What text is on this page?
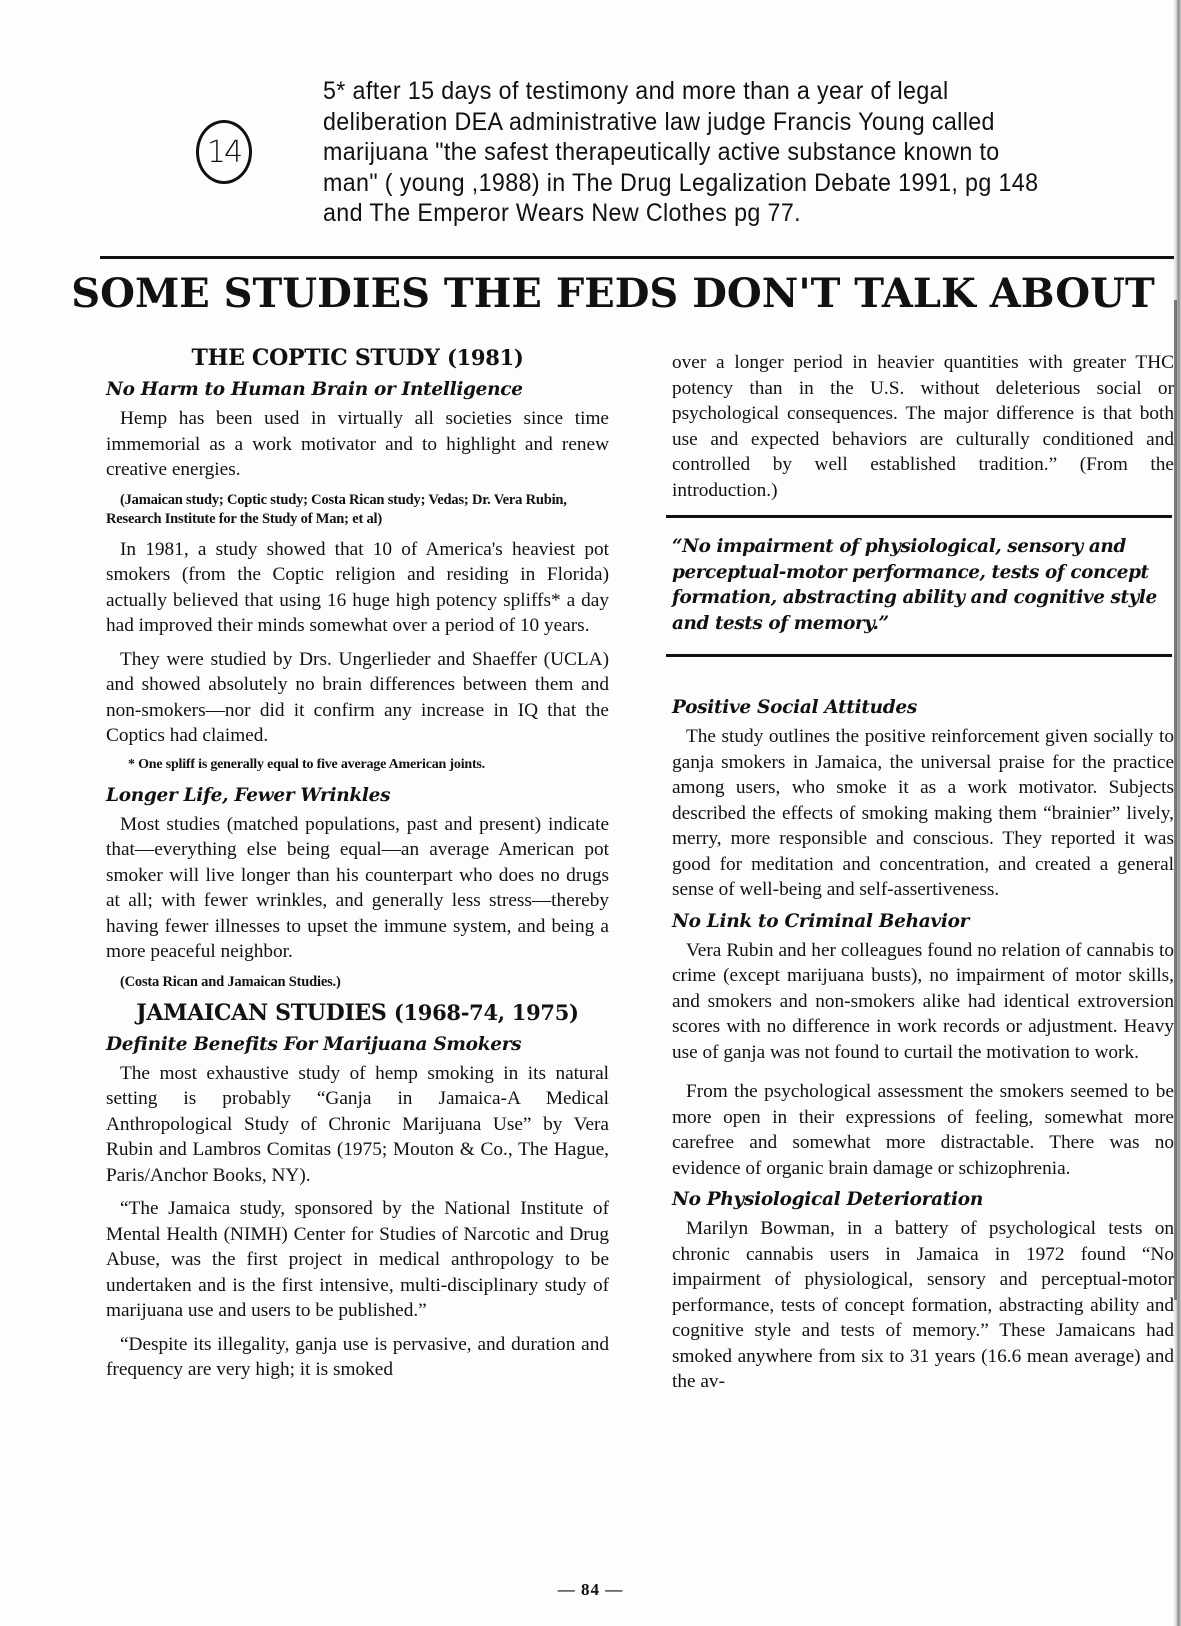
14
5* after 15 days of testimony and more than a year of legal
deliberation DEA administrative law judge Francis Young called
marijuana "the safest therapeutically active substance known to
man" ( young ,1988) in The Drug Legalization Debate 1991, pg 148
and The Emperor Wears New Clothes pg 77.
SOME STUDIES THE FEDS DON'T TALK ABOUT
THE COPTIC STUDY (1981)
No Harm to Human Brain or Intelligence

Hemp has been used in virtually all societies since time immemorial as a work motivator and to highlight and renew creative energies.

(Jamaican study; Coptic study; Costa Rican study; Vedas; Dr. Vera Rubin, Research Institute for the Study of Man; et al)

In 1981, a study showed that 10 of America's heaviest pot smokers (from the Coptic religion and residing in Florida) actually believed that using 16 huge high potency spliffs* a day had improved their minds somewhat over a period of 10 years.

They were studied by Drs. Ungerlieder and Shaeffer (UCLA) and showed absolutely no brain differences between them and non-smokers—nor did it confirm any increase in IQ that the Coptics had claimed.

* One spliff is generally equal to five average American joints.

Longer Life, Fewer Wrinkles

Most studies (matched populations, past and present) indicate that—everything else being equal—an average American pot smoker will live longer than his counterpart who does no drugs at all; with fewer wrinkles, and generally less stress—thereby having fewer illnesses to upset the immune system, and being a more peaceful neighbor.

(Costa Rican and Jamaican Studies.)

JAMAICAN STUDIES (1968-74, 1975)
Definite Benefits For Marijuana Smokers

The most exhaustive study of hemp smoking in its natural setting is probably “Ganja in Jamaica-A Medical Anthropological Study of Chronic Marijuana Use” by Vera Rubin and Lambros Comitas (1975; Mouton & Co., The Hague, Paris/Anchor Books, NY).

“The Jamaica study, sponsored by the National Institute of Mental Health (NIMH) Center for Studies of Narcotic and Drug Abuse, was the first project in medical anthropology to be undertaken and is the first intensive, multi-disciplinary study of marijuana use and users to be published.”

“Despite its illegality, ganja use is pervasive, and duration and frequency are very high; it is smoked

over a longer period in heavier quantities with greater THC potency than in the U.S. without deleterious social or psychological consequences. The major difference is that both use and expected behaviors are culturally conditioned and controlled by well established tradition.” (From the introduction.)

“No impairment of physiological, sensory and perceptual-motor performance, tests of concept formation, abstracting ability and cognitive style and tests of memory.”
Positive Social Attitudes

The study outlines the positive reinforcement given socially to ganja smokers in Jamaica, the universal praise for the practice among users, who smoke it as a work motivator. Subjects described the effects of smoking making them “brainier” lively, merry, more responsible and conscious. They reported it was good for meditation and concentration, and created a general sense of well-being and self-assertiveness.

No Link to Criminal Behavior

Vera Rubin and her colleagues found no relation of cannabis to crime (except marijuana busts), no impairment of motor skills, and smokers and non-smokers alike had identical extroversion scores with no difference in work records or adjustment. Heavy use of ganja was not found to curtail the motivation to work.

From the psychological assessment the smokers seemed to be more open in their expressions of feeling, somewhat more carefree and somewhat more distractable. There was no evidence of organic brain damage or schizophrenia.

No Physiological Deterioration

Marilyn Bowman, in a battery of psychological tests on chronic cannabis users in Jamaica in 1972 found “No impairment of physiological, sensory and perceptual-motor performance, tests of concept formation, abstracting ability and cognitive style and tests of memory.” These Jamaicans had smoked anywhere from six to 31 years (16.6 mean average) and the av-

— 84 —
